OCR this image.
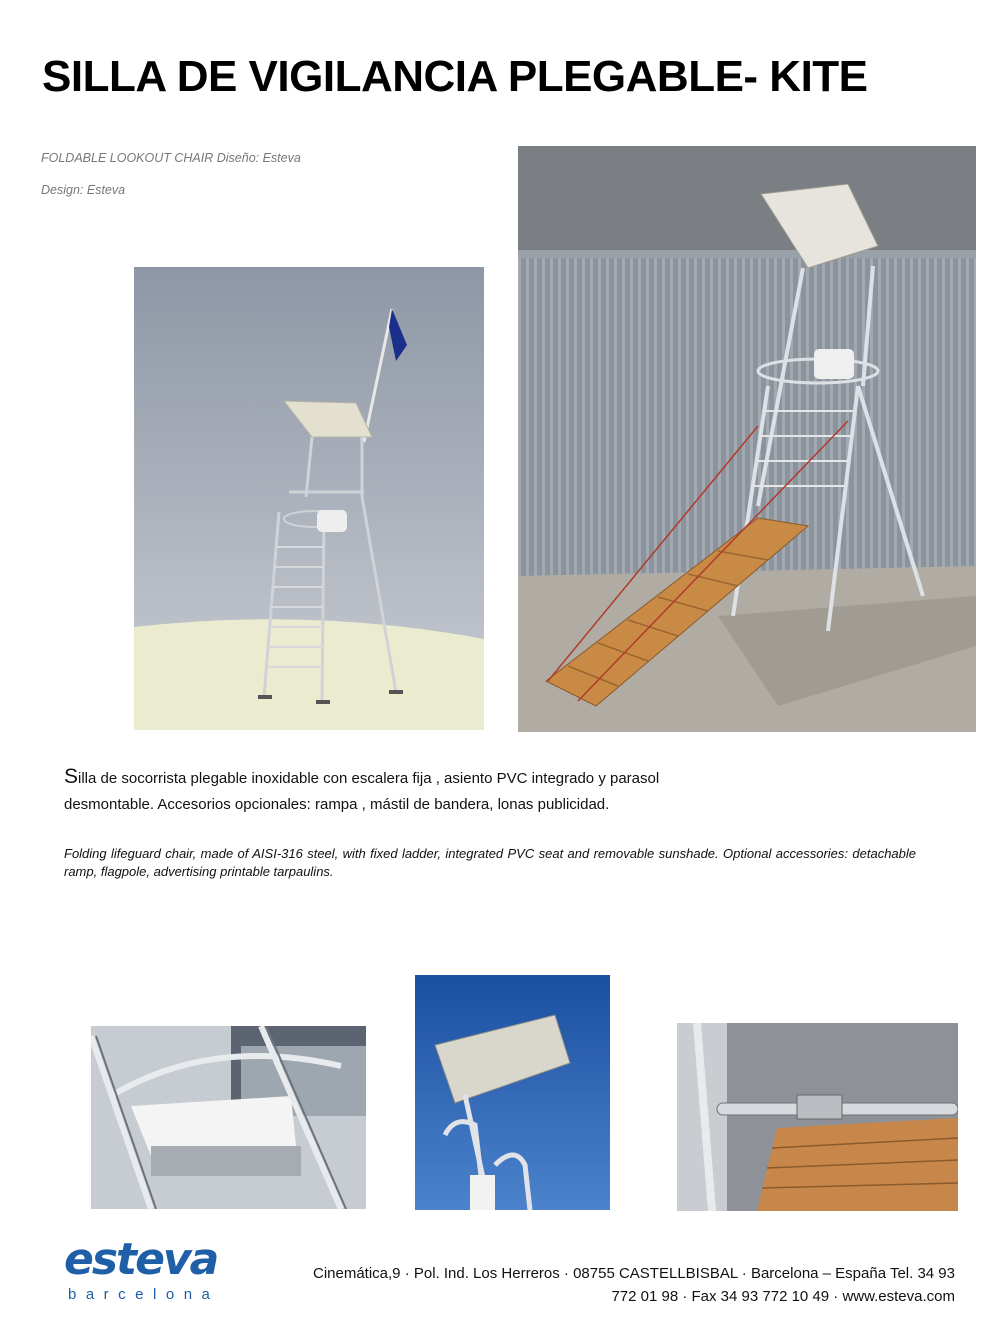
SILLA DE VIGILANCIA PLEGABLE- KITE
FOLDABLE LOOKOUT CHAIR Diseño: Esteva
Design: Esteva
Silla de socorrista plegable inoxidable con escalera fija , asiento PVC integrado y parasol
desmontable. Accesorios opcionales: rampa , mástil de bandera, lonas publicidad.
Folding lifeguard chair, made of AISI-316 steel, with fixed ladder, integrated PVC seat and removable sunshade. Optional accessories: detachable ramp, flagpole, advertising printable tarpaulins.
esteva
barcelona
Cinemática,9 · Pol. Ind. Los Herreros · 08755 CASTELLBISBAL · Barcelona – España Tel. 34 93
772 01 98 · Fax 34 93 772 10 49 · www.esteva.com
